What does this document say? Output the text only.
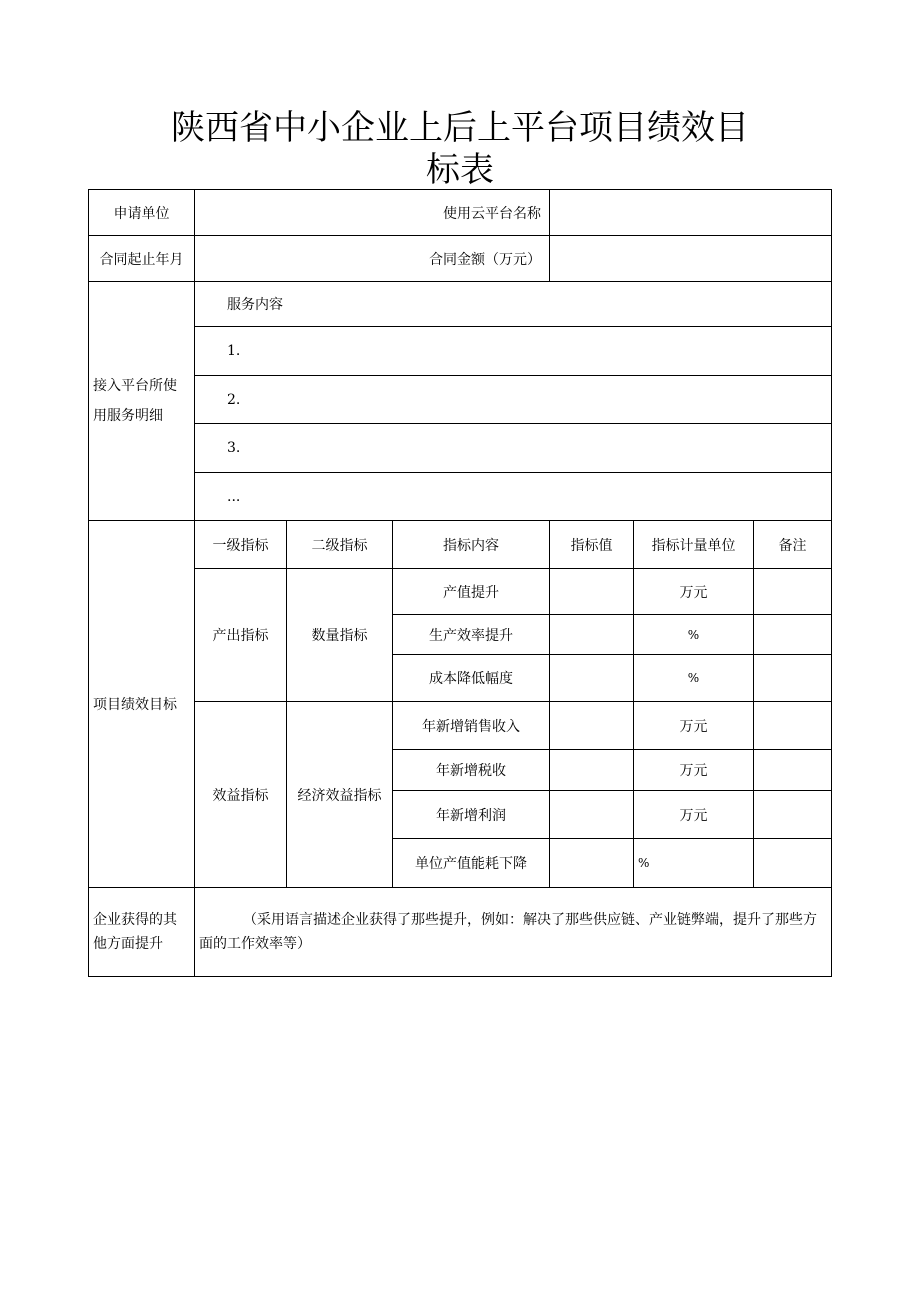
陕西省中小企业上后上平台项目绩效目
标表
申请单位	使用云平台名称					
合同起止年月	合同金额（万元）					
接入平台所使用服务明细	服务内容					
	1.					
	2.					
	3.					
	...					
项目绩效目标	一级指标	二级指标	指标内容	指标值	指标计量单位	备注
	产出指标	数量指标	产值提升		万元	
			生产效率提升		%	
			成本降低幅度		%	
	效益指标	经济效益指标	年新增销售收入		万元	
			年新增税收		万元	
			年新增利润		万元	
			单位产值能耗下降		%	
企业获得的其他方面提升	（采用语言描述企业获得了那些提升，例如：解决了那些供应链、产业链弊端，提升了那些方面的工作效率等）					
